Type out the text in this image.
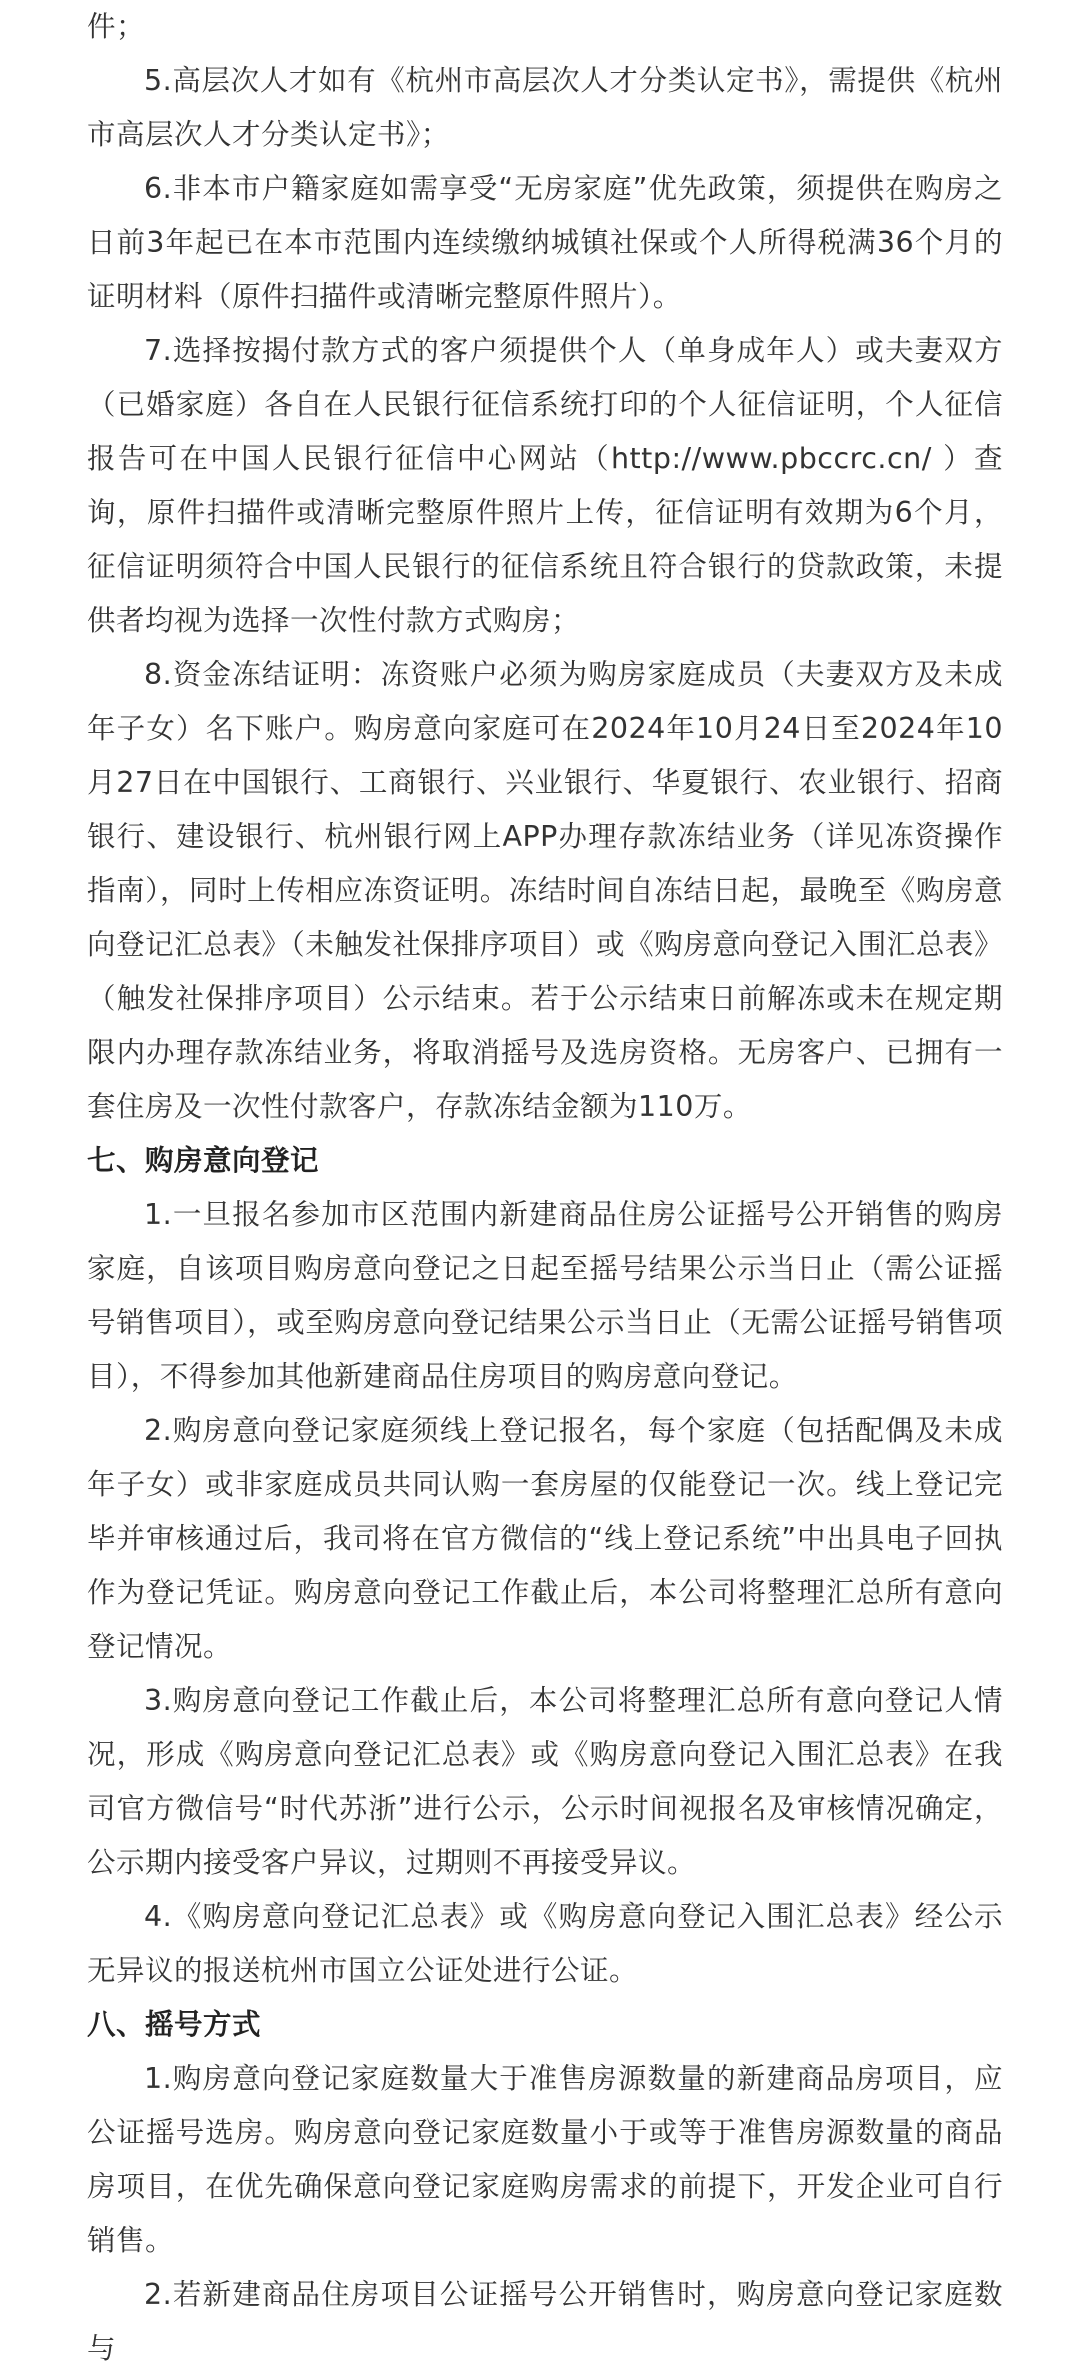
件；

5.高层次人才如有《杭州市高层次人才分类认定书》，需提供《杭州市高层次人才分类认定书》；

6.非本市户籍家庭如需享受“无房家庭”优先政策，须提供在购房之日前3年起已在本市范围内连续缴纳城镇社保或个人所得税满36个月的证明材料（原件扫描件或清晰完整原件照片）。

7.选择按揭付款方式的客户须提供个人（单身成年人）或夫妻双方（已婚家庭）各自在人民银行征信系统打印的个人征信证明，个人征信报告可在中国人民银行征信中心网站（http://www.pbccrc.cn/ ）查询，原件扫描件或清晰完整原件照片上传，征信证明有效期为6个月，征信证明须符合中国人民银行的征信系统且符合银行的贷款政策，未提供者均视为选择一次性付款方式购房；

8.资金冻结证明：冻资账户必须为购房家庭成员（夫妻双方及未成年子女）名下账户。购房意向家庭可在2024年10月24日至2024年10月27日在中国银行、工商银行、兴业银行、华夏银行、农业银行、招商银行、建设银行、杭州银行网上APP办理存款冻结业务（详见冻资操作指南），同时上传相应冻资证明。冻结时间自冻结日起，最晚至《购房意向登记汇总表》（未触发社保排序项目）或《购房意向登记入围汇总表》（触发社保排序项目）公示结束。若于公示结束日前解冻或未在规定期限内办理存款冻结业务，将取消摇号及选房资格。无房客户、已拥有一套住房及一次性付款客户，存款冻结金额为110万。

七、购房意向登记

1.一旦报名参加市区范围内新建商品住房公证摇号公开销售的购房家庭，自该项目购房意向登记之日起至摇号结果公示当日止（需公证摇号销售项目），或至购房意向登记结果公示当日止（无需公证摇号销售项目），不得参加其他新建商品住房项目的购房意向登记。

2.购房意向登记家庭须线上登记报名，每个家庭（包括配偶及未成年子女）或非家庭成员共同认购一套房屋的仅能登记一次。线上登记完毕并审核通过后，我司将在官方微信的“线上登记系统”中出具电子回执作为登记凭证。购房意向登记工作截止后，本公司将整理汇总所有意向登记情况。

3.购房意向登记工作截止后，本公司将整理汇总所有意向登记人情况，形成《购房意向登记汇总表》或《购房意向登记入围汇总表》在我司官方微信号“时代苏浙”进行公示，公示时间视报名及审核情况确定，公示期内接受客户异议，过期则不再接受异议。

4.《购房意向登记汇总表》或《购房意向登记入围汇总表》经公示无异议的报送杭州市国立公证处进行公证。

八、摇号方式

1.购房意向登记家庭数量大于准售房源数量的新建商品房项目，应公证摇号选房。购房意向登记家庭数量小于或等于准售房源数量的商品房项目，在优先确保意向登记家庭购房需求的前提下，开发企业可自行销售。

2.若新建商品住房项目公证摇号公开销售时，购房意向登记家庭数与
